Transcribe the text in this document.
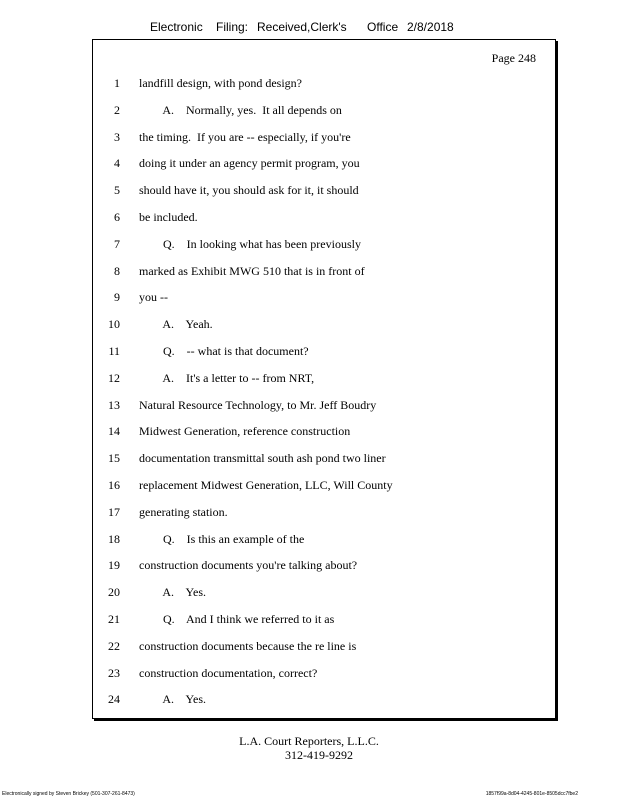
Electronic Filing: Received,Clerk's Office 2/8/2018
Page 248
1 landfill design, with pond design?
2 A.    Normally, yes.  It all depends on
3 the timing.  If you are -- especially, if you're
4 doing it under an agency permit program, you
5 should have it, you should ask for it, it should
6 be included.
7 Q.    In looking what has been previously
8 marked as Exhibit MWG 510 that is in front of
9 you --
10 A.    Yeah.
11 Q.    -- what is that document?
12 A.    It's a letter to -- from NRT,
13 Natural Resource Technology, to Mr. Jeff Boudry
14 Midwest Generation, reference construction
15 documentation transmittal south ash pond two liner
16 replacement Midwest Generation, LLC, Will County
17 generating station.
18 Q.    Is this an example of the
19 construction documents you're talking about?
20 A.    Yes.
21 Q.    And I think we referred to it as
22 construction documents because the re line is
23 construction documentation, correct?
24 A.    Yes.
L.A. Court Reporters, L.L.C.
312-419-9292
Electronically signed by Steven Brickey (501-307-261-8473)	1857f99a-8d04-4245-801e-8505dcc7fbe2
